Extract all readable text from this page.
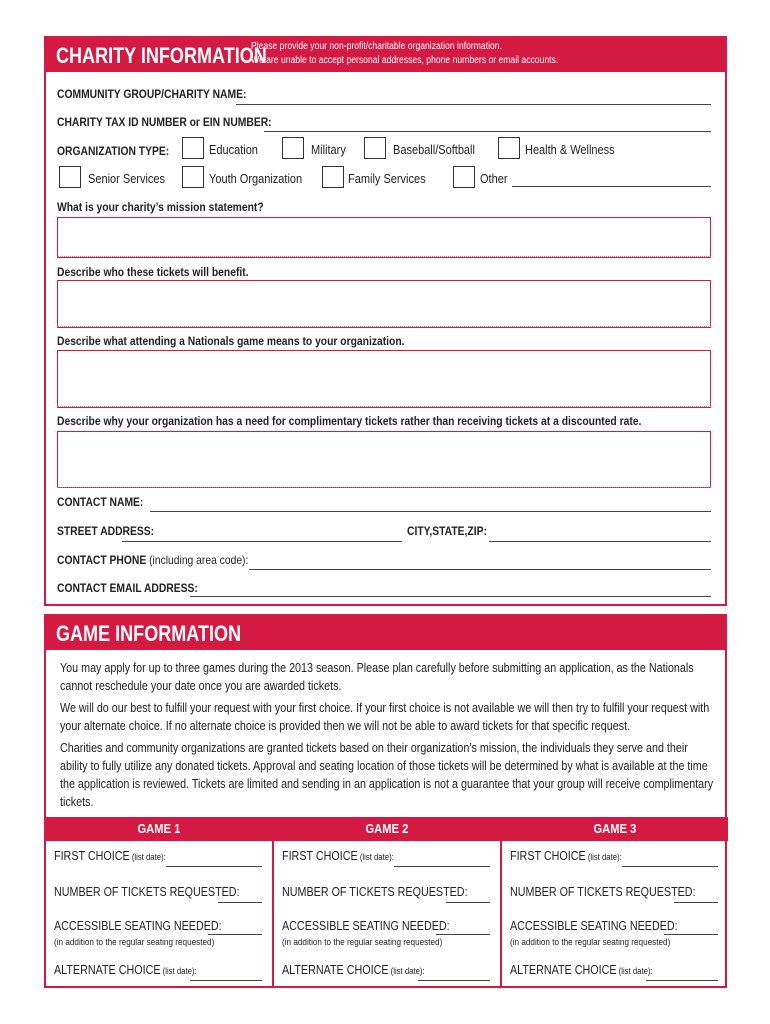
CHARITY INFORMATION
Please provide your non-profit/charitable organization information.
We are unable to accept personal addresses, phone numbers or email accounts.
COMMUNITY GROUP/CHARITY NAME:
CHARITY TAX ID NUMBER or EIN NUMBER:
ORGANIZATION TYPE:	Education	Military	Baseball/Softball	Health & Wellness
Senior Services	Youth Organization	Family Services	Other
What is your charity’s mission statement?
Describe who these tickets will benefit.
Describe what attending a Nationals game means to your organization.
Describe why your organization has a need for complimentary tickets rather than receiving tickets at a discounted rate.
CONTACT NAME:
STREET ADDRESS:	CITY,STATE,ZIP:
CONTACT PHONE (including area code):
CONTACT EMAIL ADDRESS:
GAME INFORMATION
You may apply for up to three games during the 2013 season. Please plan carefully before submitting an application, as the Nationals cannot reschedule your date once you are awarded tickets.
We will do our best to fulfill your request with your first choice. If your first choice is not available we will then try to fulfill your request with your alternate choice. If no alternate choice is provided then we will not be able to award tickets for that specific request.
Charities and community organizations are granted tickets based on their organization’s mission, the individuals they serve and their ability to fully utilize any donated tickets. Approval and seating location of those tickets will be determined by what is available at the time the application is reviewed. Tickets are limited and sending in an application is not a guarantee that your group will receive complimentary tickets.
GAME 1
FIRST CHOICE (list date):
NUMBER OF TICKETS REQUESTED:
ACCESSIBLE SEATING NEEDED:
(in addition to the regular seating requested)
ALTERNATE CHOICE (list date):
GAME 2
FIRST CHOICE (list date):
NUMBER OF TICKETS REQUESTED:
ACCESSIBLE SEATING NEEDED:
(in addition to the regular seating requested)
ALTERNATE CHOICE (list date):
GAME 3
FIRST CHOICE (list date):
NUMBER OF TICKETS REQUESTED:
ACCESSIBLE SEATING NEEDED:
(in addition to the regular seating requested)
ALTERNATE CHOICE (list date):
